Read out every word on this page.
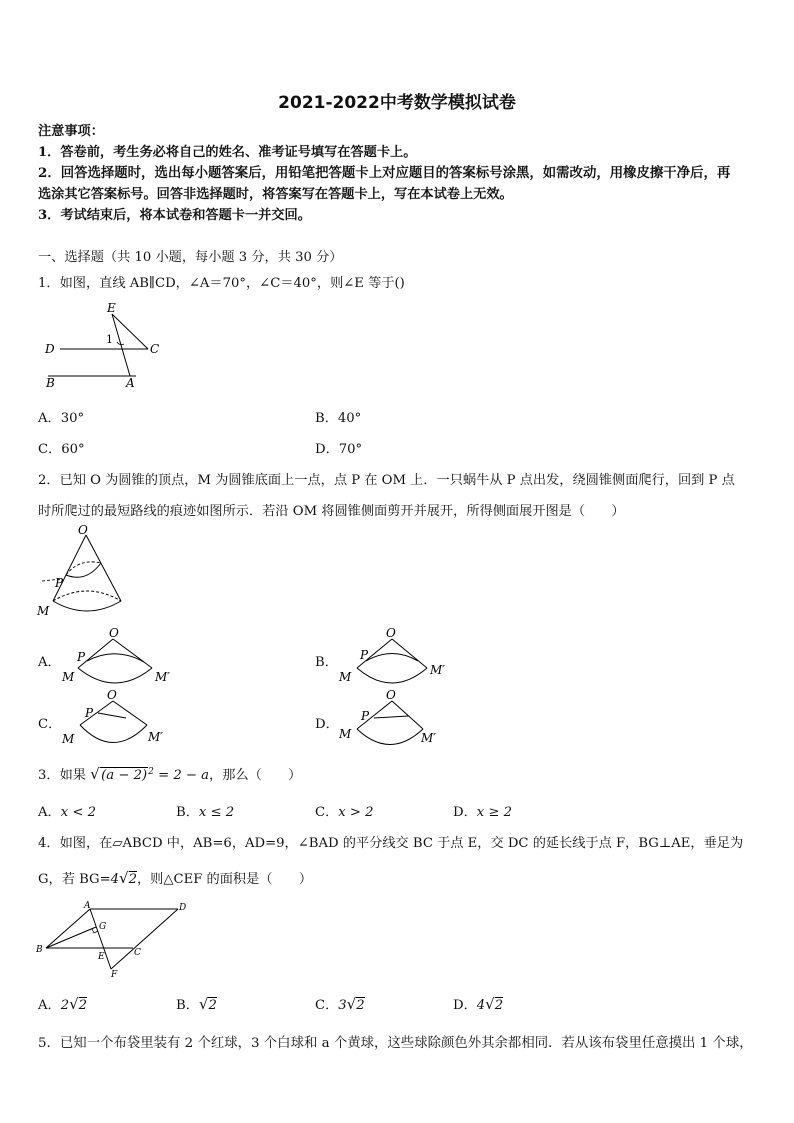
2021-2022中考数学模拟试卷
注意事项：
1．答卷前，考生务必将自己的姓名、准考证号填写在答题卡上。
2．回答选择题时，选出每小题答案后，用铅笔把答题卡上对应题目的答案标号涂黑，如需改动，用橡皮擦干净后，再
选涂其它答案标号。回答非选择题时，将答案写在答题卡上，写在本试卷上无效。
3．考试结束后，将本试卷和答题卡一并交回。
一、选择题（共 10 小题，每小题 3 分，共 30 分）
1．如图，直线 AB∥CD，∠A＝70°，∠C＝40°，则∠E 等于()
E
D	C
B	A
1
A．30°	B．40°
C．60°	D．70°
2．已知 O 为圆锥的顶点，M 为圆锥底面上一点，点 P 在 OM 上．一只蜗牛从 P 点出发，绕圆锥侧面爬行，回到 P 点
时所爬过的最短路线的痕迹如图所示．若沿 OM 将圆锥侧面剪开并展开，所得侧面展开图是（　　）
O
P
M
A．
O
P
M	M′
B．
O
P
M	M′
C．
O
P
M	M′
D．
O
P
M	M′
3．如果 √ $(a - 2)^2 = 2 - a$，那么（　　）
A．x < 2	B．x ≤ 2	C．x > 2	D．x ≥ 2
4．如图，在▱ABCD 中，AB=6，AD=9，∠BAD 的平分线交 BC 于点 E，交 DC 的延长线于点 F，BG⊥AE，垂足为
G，若 BG=4√2，则△CEF 的面积是（　　）
A	D
B
G
E	C
F
A．2√2	B．√2	C．3√2	D．4√2
5．已知一个布袋里装有 2 个红球，3 个白球和 a 个黄球，这些球除颜色外其余都相同．若从该布袋里任意摸出 1 个球，
